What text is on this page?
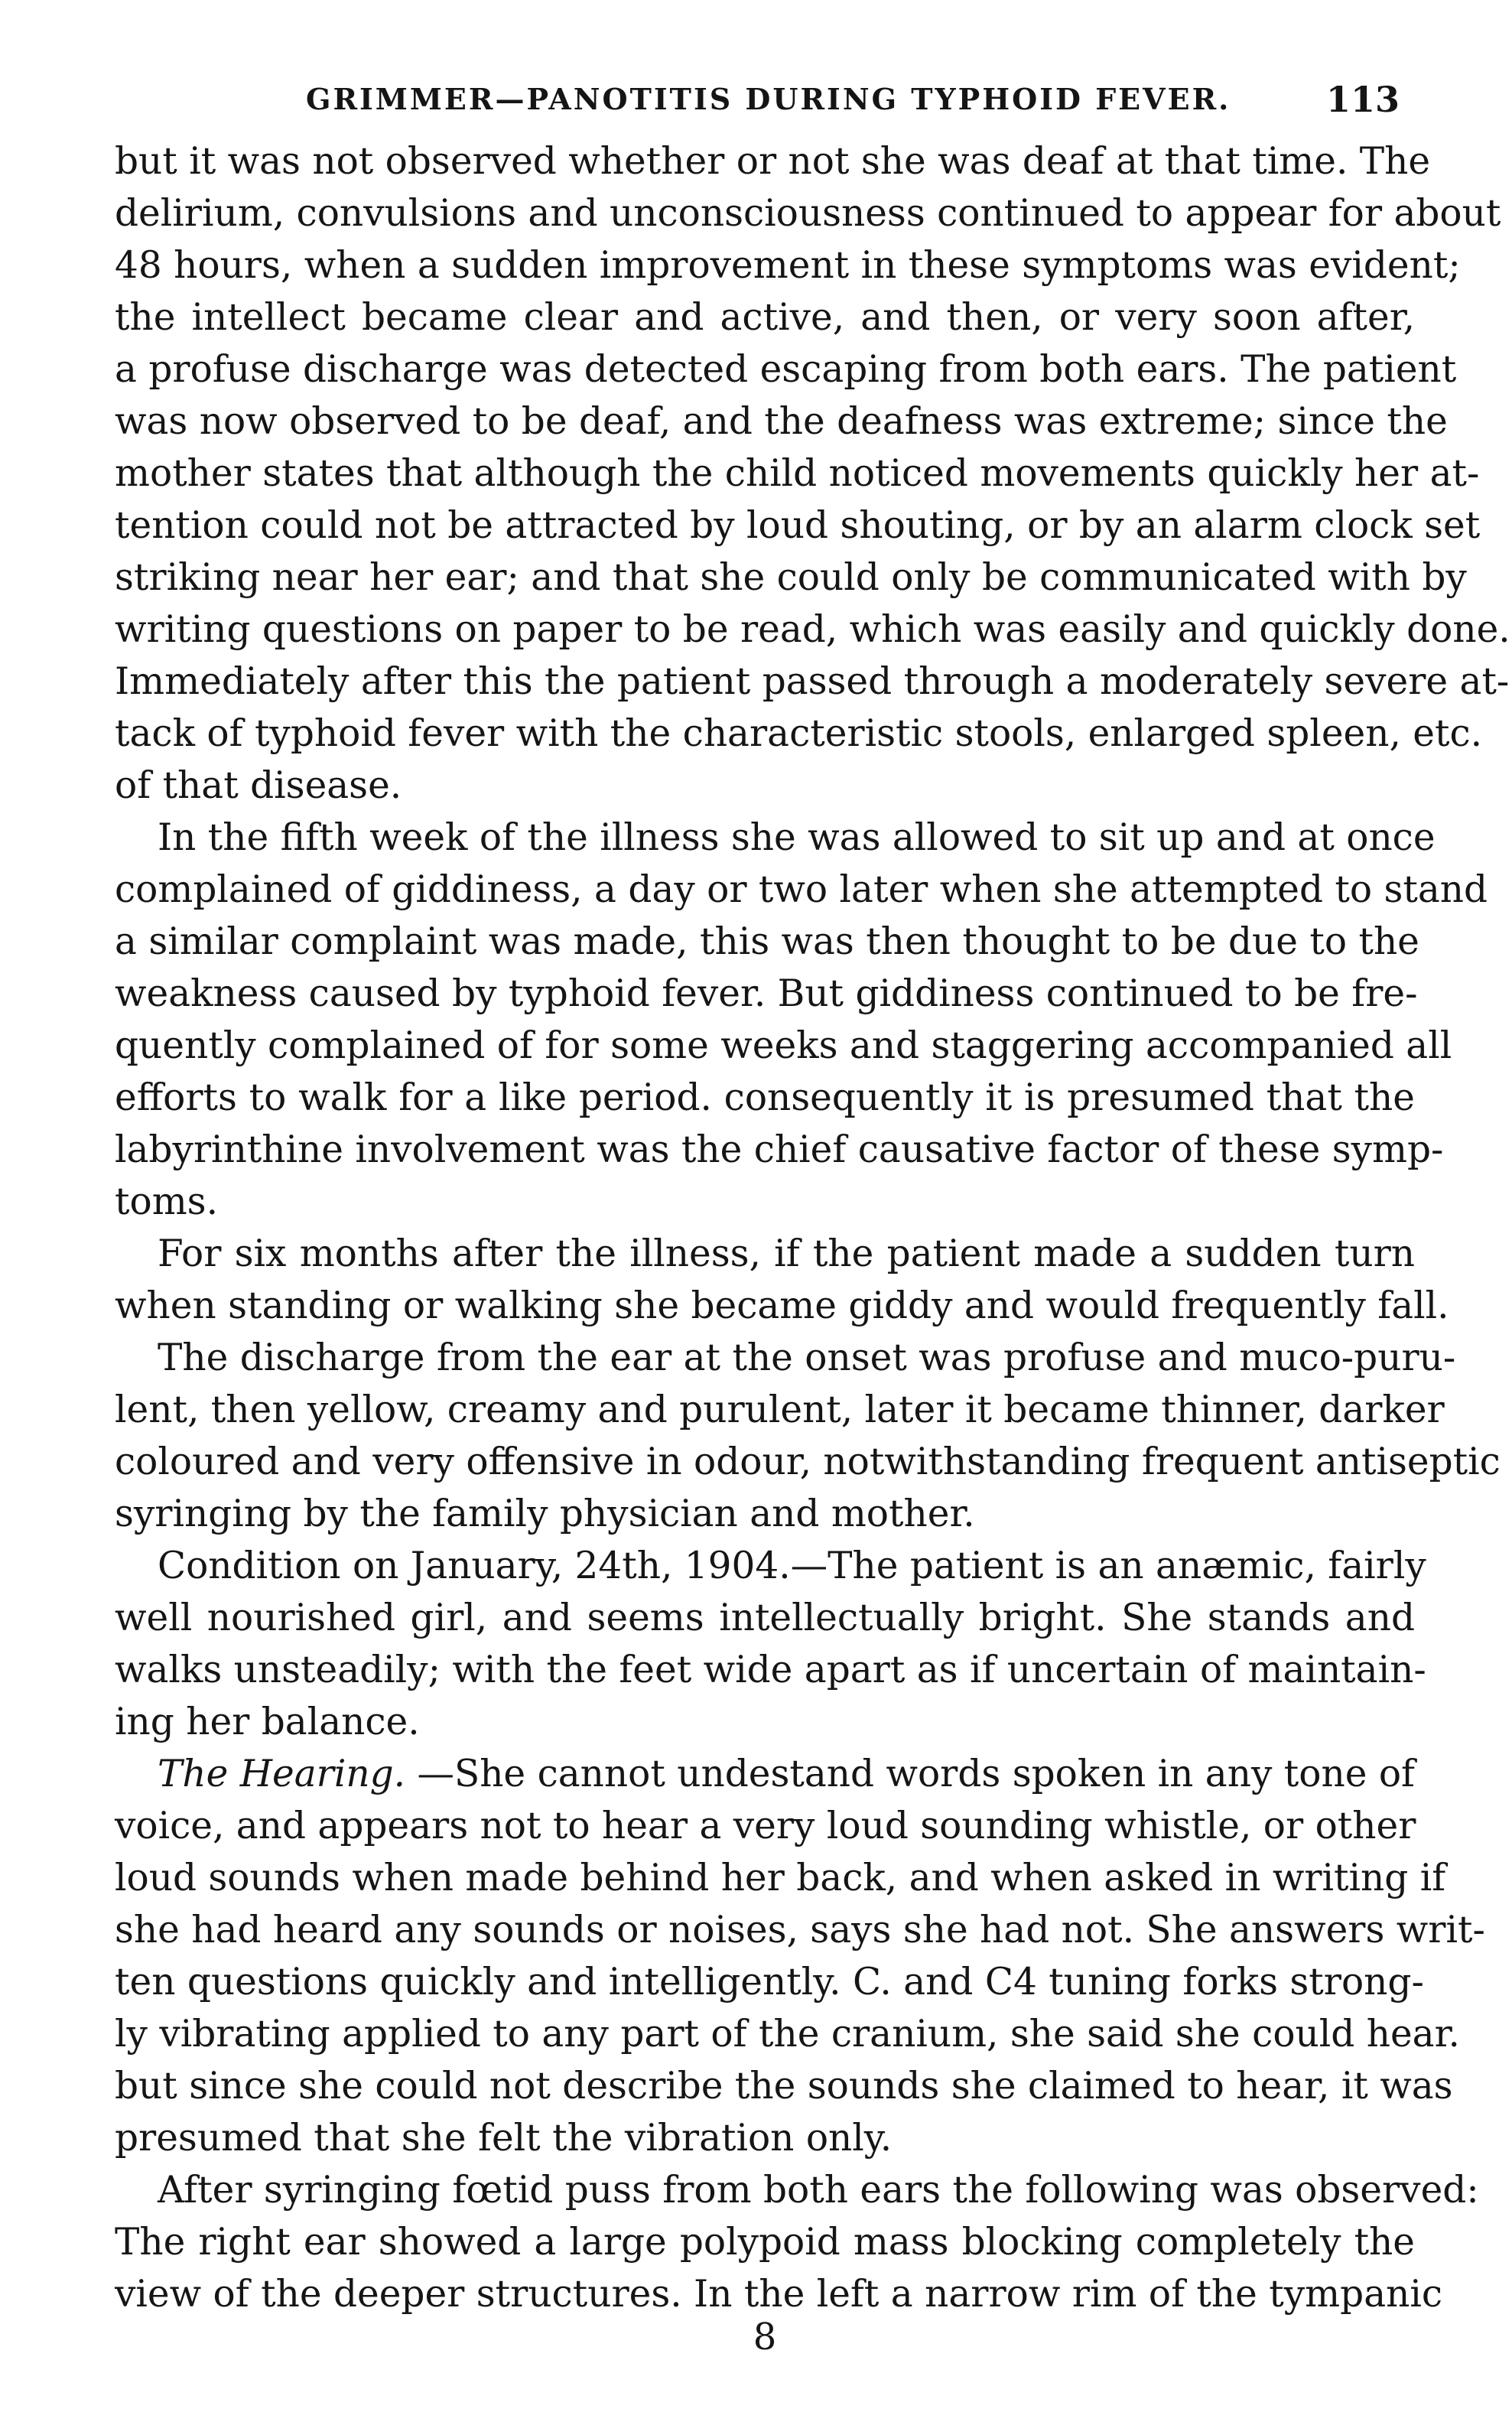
GRIMMER—PANOTITIS DURING TYPHOID FEVER.	113
but it was not observed whether or not she was deaf at that time. The
delirium, convulsions and unconsciousness continued to appear for about
48 hours, when a sudden improvement in these symptoms was evident;
the intellect became clear and active, and then, or very soon after,
a profuse discharge was detected escaping from both ears. The patient
was now observed to be deaf, and the deafness was extreme; since the
mother states that although the child noticed movements quickly her at-
tention could not be attracted by loud shouting, or by an alarm clock set
striking near her ear; and that she could only be communicated with by
writing questions on paper to be read, which was easily and quickly done.
Immediately after this the patient passed through a moderately severe at-
tack of typhoid fever with the characteristic stools, enlarged spleen, etc.
of that disease.
In the fifth week of the illness she was allowed to sit up and at once
complained of giddiness, a day or two later when she attempted to stand
a similar complaint was made, this was then thought to be due to the
weakness caused by typhoid fever. But giddiness continued to be fre-
quently complained of for some weeks and staggering accompanied all
efforts to walk for a like period. consequently it is presumed that the
labyrinthine involvement was the chief causative factor of these symp-
toms.
For six months after the illness, if the patient made a sudden turn
when standing or walking she became giddy and would frequently fall.
The discharge from the ear at the onset was profuse and muco-puru-
lent, then yellow, creamy and purulent, later it became thinner, darker
coloured and very offensive in odour, notwithstanding frequent antiseptic
syringing by the family physician and mother.
Condition on January, 24th, 1904.—The patient is an anæmic, fairly
well nourished girl, and seems intellectually bright. She stands and
walks unsteadily; with the feet wide apart as if uncertain of maintain-
ing her balance.
The Hearing. —She cannot undestand words spoken in any tone of
voice, and appears not to hear a very loud sounding whistle, or other
loud sounds when made behind her back, and when asked in writing if
she had heard any sounds or noises, says she had not. She answers writ-
ten questions quickly and intelligently. C. and C4 tuning forks strong-
ly vibrating applied to any part of the cranium, she said she could hear.
but since she could not describe the sounds she claimed to hear, it was
presumed that she felt the vibration only.
After syringing fœtid puss from both ears the following was observed:
The right ear showed a large polypoid mass blocking completely the
view of the deeper structures. In the left a narrow rim of the tympanic
8
